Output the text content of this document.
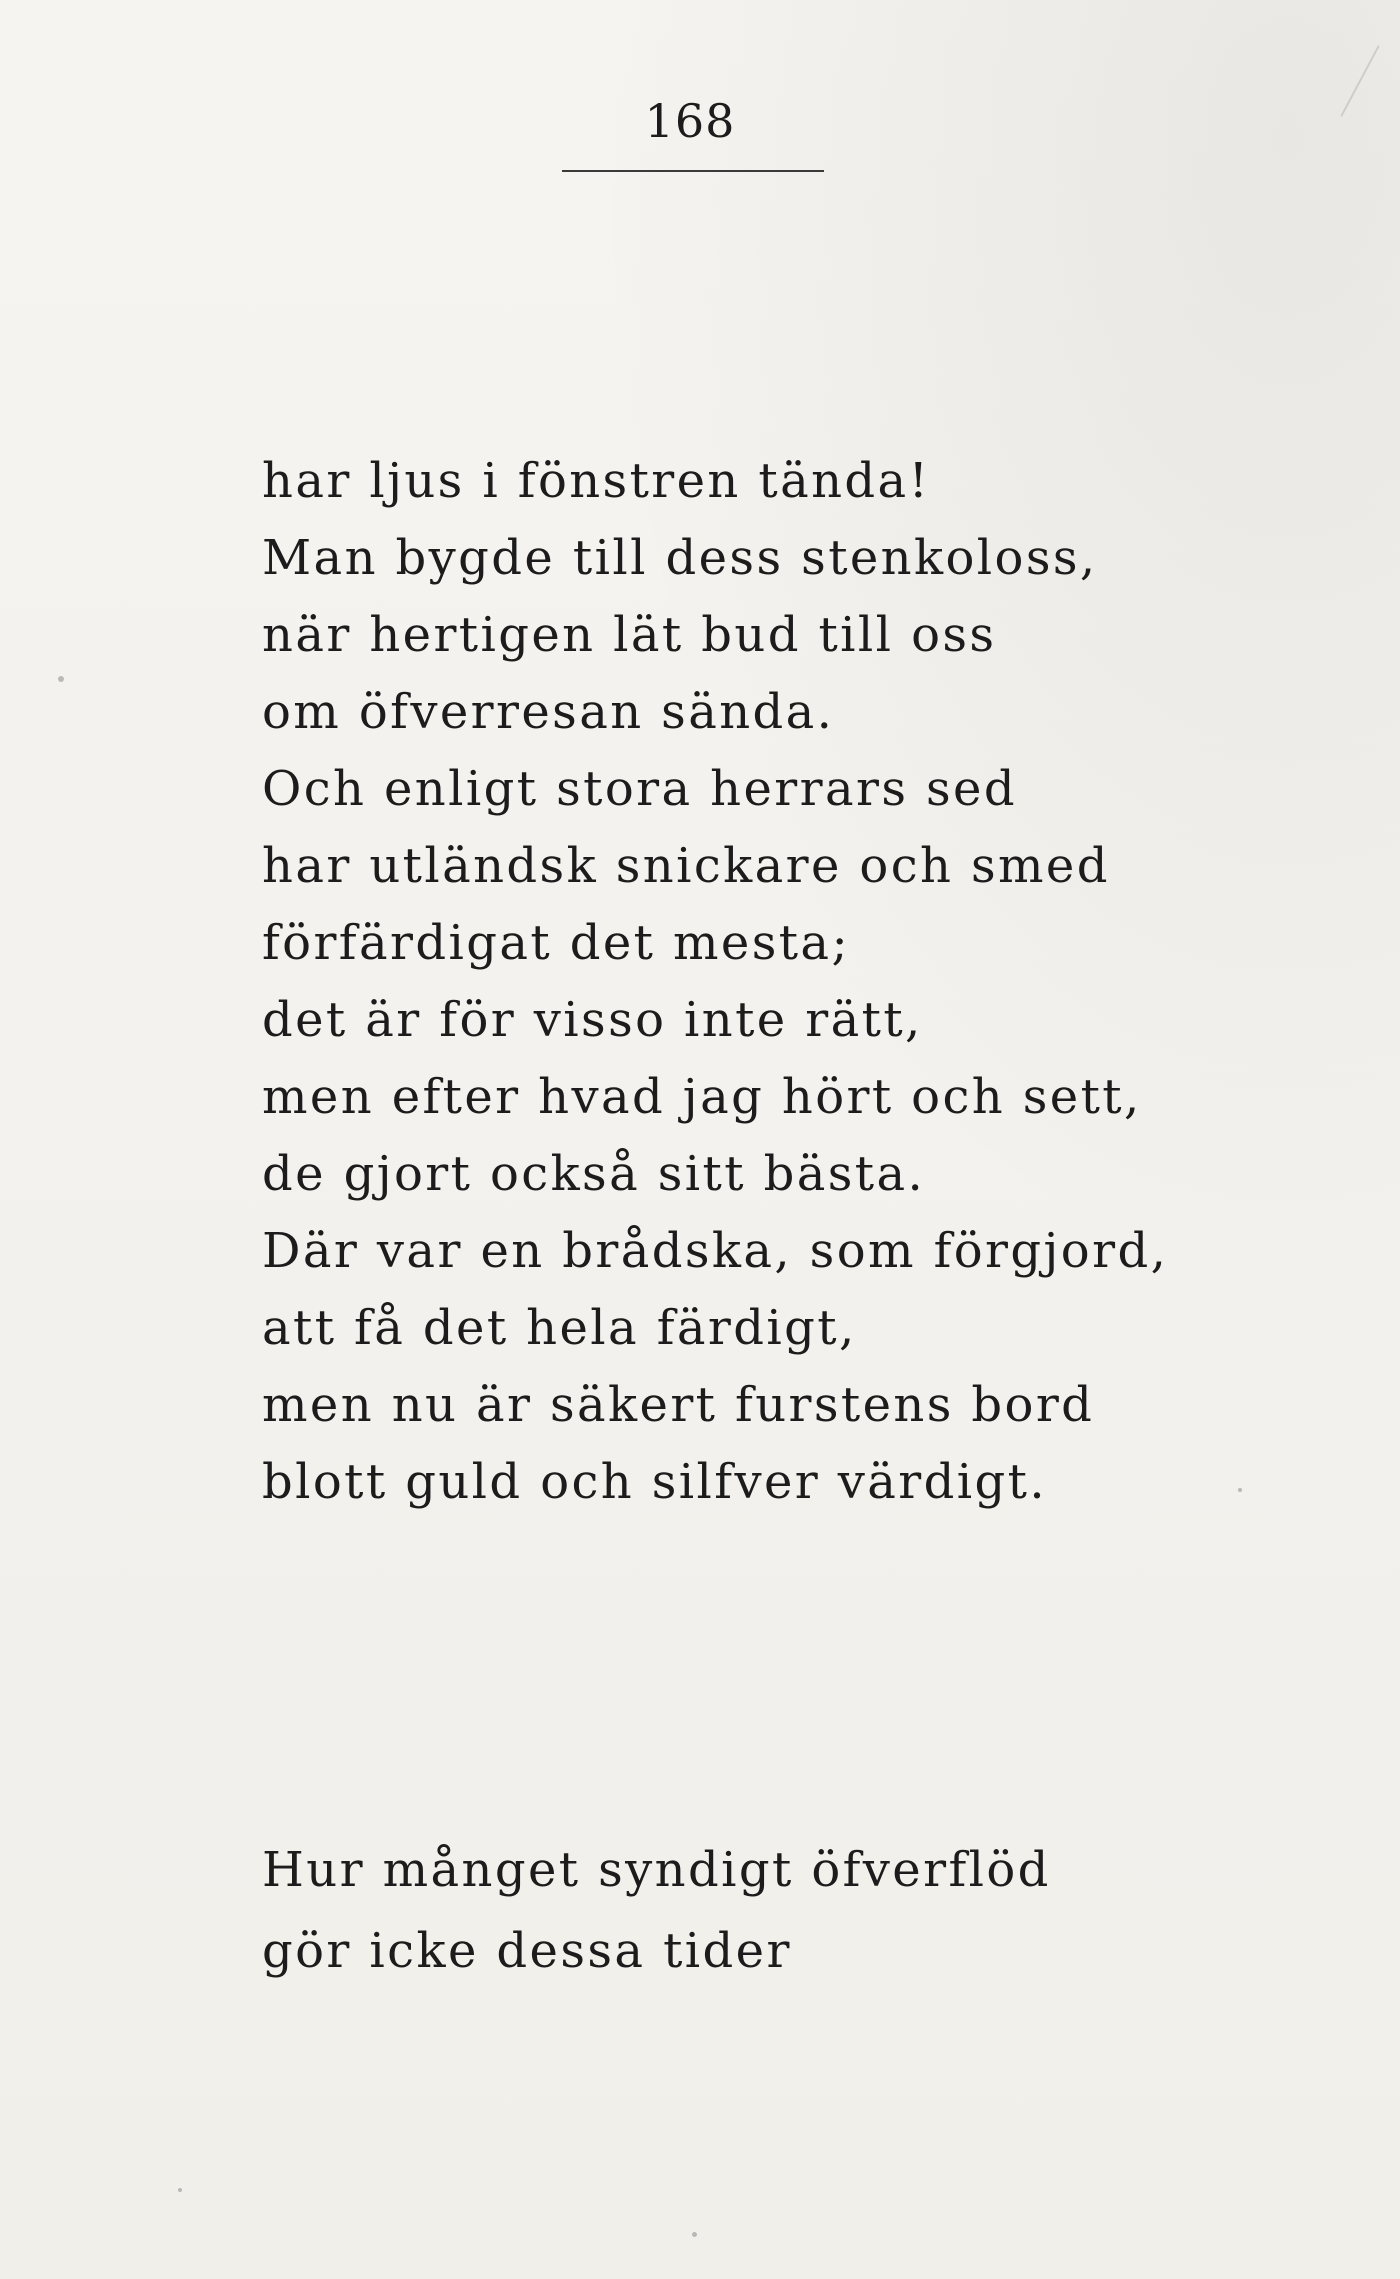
168
har ljus i fönstren tända!
Man bygde till dess stenkoloss,
när hertigen lät bud till oss
om öfverresan sända.
Och enligt stora herrars sed
har utländsk snickare och smed
förfärdigat det mesta;
det är för visso inte rätt,
men efter hvad jag hört och sett,
de gjort också sitt bästa.
Där var en brådska, som förgjord,
att få det hela färdigt,
men nu är säkert furstens bord
blott guld och silfver värdigt.
Hur månget syndigt öfverflöd
gör icke dessa tider
